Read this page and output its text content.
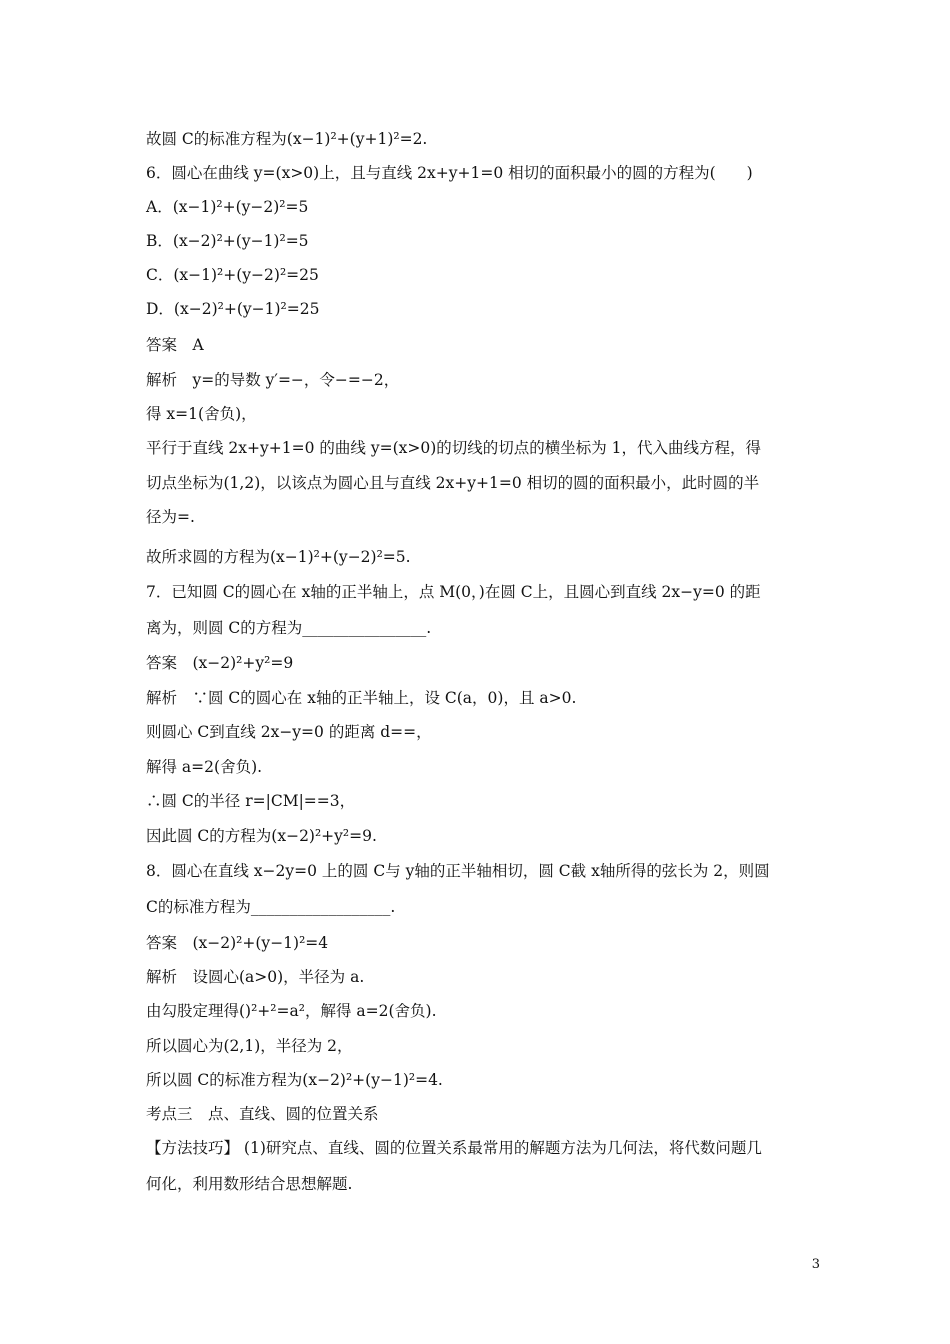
故圆 C的标准方程为(x−1)²+(y+1)²=2.
6．圆心在曲线 y=(x>0)上，且与直线 2x+y+1=0 相切的面积最小的圆的方程为(　　)
A．(x−1)²+(y−2)²=5
B．(x−2)²+(y−1)²=5
C．(x−1)²+(y−2)²=25
D．(x−2)²+(y−1)²=25
答案　A
解析　y=的导数 y′=−，令−=−2，
得 x=1(舍负)，
平行于直线 2x+y+1=0 的曲线 y=(x>0)的切线的切点的横坐标为 1，代入曲线方程，得
切点坐标为(1,2)，以该点为圆心且与直线 2x+y+1=0 相切的圆的面积最小，此时圆的半
径为=.
故所求圆的方程为(x−1)²+(y−2)²=5.
7．已知圆 C的圆心在 x轴的正半轴上，点 M(0，)在圆 C上，且圆心到直线 2x−y=0 的距
离为，则圆 C的方程为________________.
答案　(x−2)²+y²=9
解析　∵圆 C的圆心在 x轴的正半轴上，设 C(a，0)，且 a>0.
则圆心 C到直线 2x−y=0 的距离 d==，
解得 a=2(舍负).
∴圆 C的半径 r=|CM|==3，
因此圆 C的方程为(x−2)²+y²=9.
8．圆心在直线 x−2y=0 上的圆 C与 y轴的正半轴相切，圆 C截 x轴所得的弦长为 2，则圆
C的标准方程为__________________.
答案　(x−2)²+(y−1)²=4
解析　设圆心(a>0)，半径为 a.
由勾股定理得()²+²=a²，解得 a=2(舍负).
所以圆心为(2,1)，半径为 2，
所以圆 C的标准方程为(x−2)²+(y−1)²=4.
考点三　点、直线、圆的位置关系
【方法技巧】 (1)研究点、直线、圆的位置关系最常用的解题方法为几何法，将代数问题几
何化，利用数形结合思想解题.
3
